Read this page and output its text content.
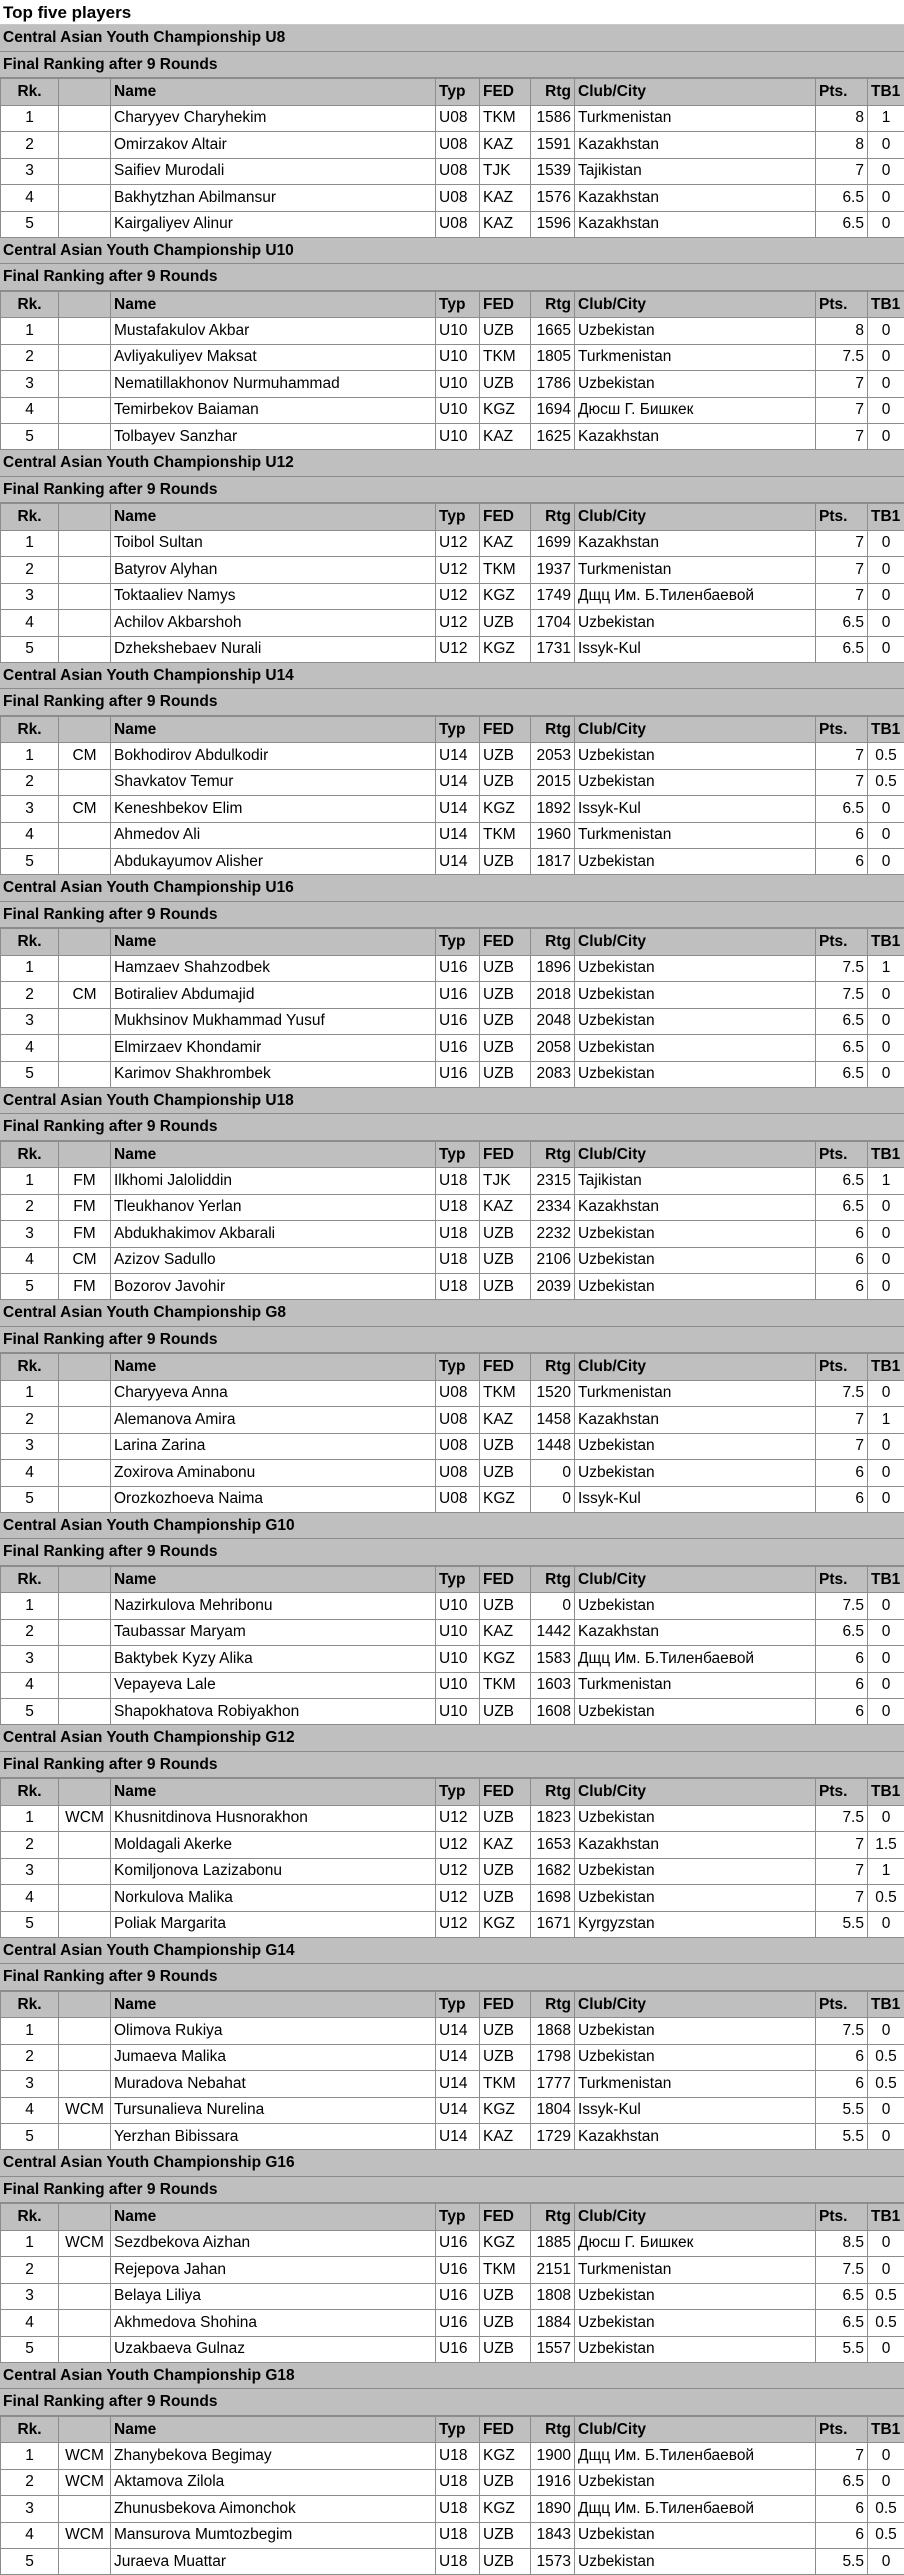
Top five players
Central Asian Youth Championship U8
Final Ranking after 9 Rounds
Rk.		Name	Typ	FED	Rtg	Club/City	Pts.	TB1
1		Charyyev Charyhekim	U08	TKM	1586	Turkmenistan	8	1
2		Omirzakov Altair	U08	KAZ	1591	Kazakhstan	8	0
3		Saifiev Murodali	U08	TJK	1539	Tajikistan	7	0
4		Bakhytzhan Abilmansur	U08	KAZ	1576	Kazakhstan	6.5	0
5		Kairgaliyev Alinur	U08	KAZ	1596	Kazakhstan	6.5	0
Central Asian Youth Championship U10
Final Ranking after 9 Rounds
Rk.		Name	Typ	FED	Rtg	Club/City	Pts.	TB1
1		Mustafakulov Akbar	U10	UZB	1665	Uzbekistan	8	0
2		Avliyakuliyev Maksat	U10	TKM	1805	Turkmenistan	7.5	0
3		Nematillakhonov Nurmuhammad	U10	UZB	1786	Uzbekistan	7	0
4		Temirbekov Baiaman	U10	KGZ	1694	Дюсш Г. Бишкек	7	0
5		Tolbayev Sanzhar	U10	KAZ	1625	Kazakhstan	7	0
Central Asian Youth Championship U12
Final Ranking after 9 Rounds
Rk.		Name	Typ	FED	Rtg	Club/City	Pts.	TB1
1		Toibol Sultan	U12	KAZ	1699	Kazakhstan	7	0
2		Batyrov Alyhan	U12	TKM	1937	Turkmenistan	7	0
3		Toktaaliev Namys	U12	KGZ	1749	Дщц Им. Б.Тиленбаевой	7	0
4		Achilov Akbarshoh	U12	UZB	1704	Uzbekistan	6.5	0
5		Dzhekshebaev Nurali	U12	KGZ	1731	Issyk-Kul	6.5	0
Central Asian Youth Championship U14
Final Ranking after 9 Rounds
Rk.		Name	Typ	FED	Rtg	Club/City	Pts.	TB1
1	CM	Bokhodirov Abdulkodir	U14	UZB	2053	Uzbekistan	7	0.5
2		Shavkatov Temur	U14	UZB	2015	Uzbekistan	7	0.5
3	CM	Keneshbekov Elim	U14	KGZ	1892	Issyk-Kul	6.5	0
4		Ahmedov Ali	U14	TKM	1960	Turkmenistan	6	0
5		Abdukayumov Alisher	U14	UZB	1817	Uzbekistan	6	0
Central Asian Youth Championship U16
Final Ranking after 9 Rounds
Rk.		Name	Typ	FED	Rtg	Club/City	Pts.	TB1
1		Hamzaev Shahzodbek	U16	UZB	1896	Uzbekistan	7.5	1
2	CM	Botiraliev Abdumajid	U16	UZB	2018	Uzbekistan	7.5	0
3		Mukhsinov Mukhammad Yusuf	U16	UZB	2048	Uzbekistan	6.5	0
4		Elmirzaev Khondamir	U16	UZB	2058	Uzbekistan	6.5	0
5		Karimov Shakhrombek	U16	UZB	2083	Uzbekistan	6.5	0
Central Asian Youth Championship U18
Final Ranking after 9 Rounds
Rk.		Name	Typ	FED	Rtg	Club/City	Pts.	TB1
1	FM	Ilkhomi Jaloliddin	U18	TJK	2315	Tajikistan	6.5	1
2	FM	Tleukhanov Yerlan	U18	KAZ	2334	Kazakhstan	6.5	0
3	FM	Abdukhakimov Akbarali	U18	UZB	2232	Uzbekistan	6	0
4	CM	Azizov Sadullo	U18	UZB	2106	Uzbekistan	6	0
5	FM	Bozorov Javohir	U18	UZB	2039	Uzbekistan	6	0
Central Asian Youth Championship G8
Final Ranking after 9 Rounds
Rk.		Name	Typ	FED	Rtg	Club/City	Pts.	TB1
1		Charyyeva Anna	U08	TKM	1520	Turkmenistan	7.5	0
2		Alemanova Amira	U08	KAZ	1458	Kazakhstan	7	1
3		Larina Zarina	U08	UZB	1448	Uzbekistan	7	0
4		Zoxirova Aminabonu	U08	UZB	0	Uzbekistan	6	0
5		Orozkozhoeva Naima	U08	KGZ	0	Issyk-Kul	6	0
Central Asian Youth Championship G10
Final Ranking after 9 Rounds
Rk.		Name	Typ	FED	Rtg	Club/City	Pts.	TB1
1		Nazirkulova Mehribonu	U10	UZB	0	Uzbekistan	7.5	0
2		Taubassar Maryam	U10	KAZ	1442	Kazakhstan	6.5	0
3		Baktybek Kyzy Alika	U10	KGZ	1583	Дщц Им. Б.Тиленбаевой	6	0
4		Vepayeva Lale	U10	TKM	1603	Turkmenistan	6	0
5		Shapokhatova Robiyakhon	U10	UZB	1608	Uzbekistan	6	0
Central Asian Youth Championship G12
Final Ranking after 9 Rounds
Rk.		Name	Typ	FED	Rtg	Club/City	Pts.	TB1
1	WCM	Khusnitdinova Husnorakhon	U12	UZB	1823	Uzbekistan	7.5	0
2		Moldagali Akerke	U12	KAZ	1653	Kazakhstan	7	1.5
3		Komiljonova Lazizabonu	U12	UZB	1682	Uzbekistan	7	1
4		Norkulova Malika	U12	UZB	1698	Uzbekistan	7	0.5
5		Poliak Margarita	U12	KGZ	1671	Kyrgyzstan	5.5	0
Central Asian Youth Championship G14
Final Ranking after 9 Rounds
Rk.		Name	Typ	FED	Rtg	Club/City	Pts.	TB1
1		Olimova Rukiya	U14	UZB	1868	Uzbekistan	7.5	0
2		Jumaeva Malika	U14	UZB	1798	Uzbekistan	6	0.5
3		Muradova Nebahat	U14	TKM	1777	Turkmenistan	6	0.5
4	WCM	Tursunalieva Nurelina	U14	KGZ	1804	Issyk-Kul	5.5	0
5		Yerzhan Bibissara	U14	KAZ	1729	Kazakhstan	5.5	0
Central Asian Youth Championship G16
Final Ranking after 9 Rounds
Rk.		Name	Typ	FED	Rtg	Club/City	Pts.	TB1
1	WCM	Sezdbekova Aizhan	U16	KGZ	1885	Дюсш Г. Бишкек	8.5	0
2		Rejepova Jahan	U16	TKM	2151	Turkmenistan	7.5	0
3		Belaya Liliya	U16	UZB	1808	Uzbekistan	6.5	0.5
4		Akhmedova Shohina	U16	UZB	1884	Uzbekistan	6.5	0.5
5		Uzakbaeva Gulnaz	U16	UZB	1557	Uzbekistan	5.5	0
Central Asian Youth Championship G18
Final Ranking after 9 Rounds
Rk.		Name	Typ	FED	Rtg	Club/City	Pts.	TB1
1	WCM	Zhanybekova Begimay	U18	KGZ	1900	Дщц Им. Б.Тиленбаевой	7	0
2	WCM	Aktamova Zilola	U18	UZB	1916	Uzbekistan	6.5	0
3		Zhunusbekova Aimonchok	U18	KGZ	1890	Дщц Им. Б.Тиленбаевой	6	0.5
4	WCM	Mansurova Mumtozbegim	U18	UZB	1843	Uzbekistan	6	0.5
5		Juraeva Muattar	U18	UZB	1573	Uzbekistan	5.5	0
